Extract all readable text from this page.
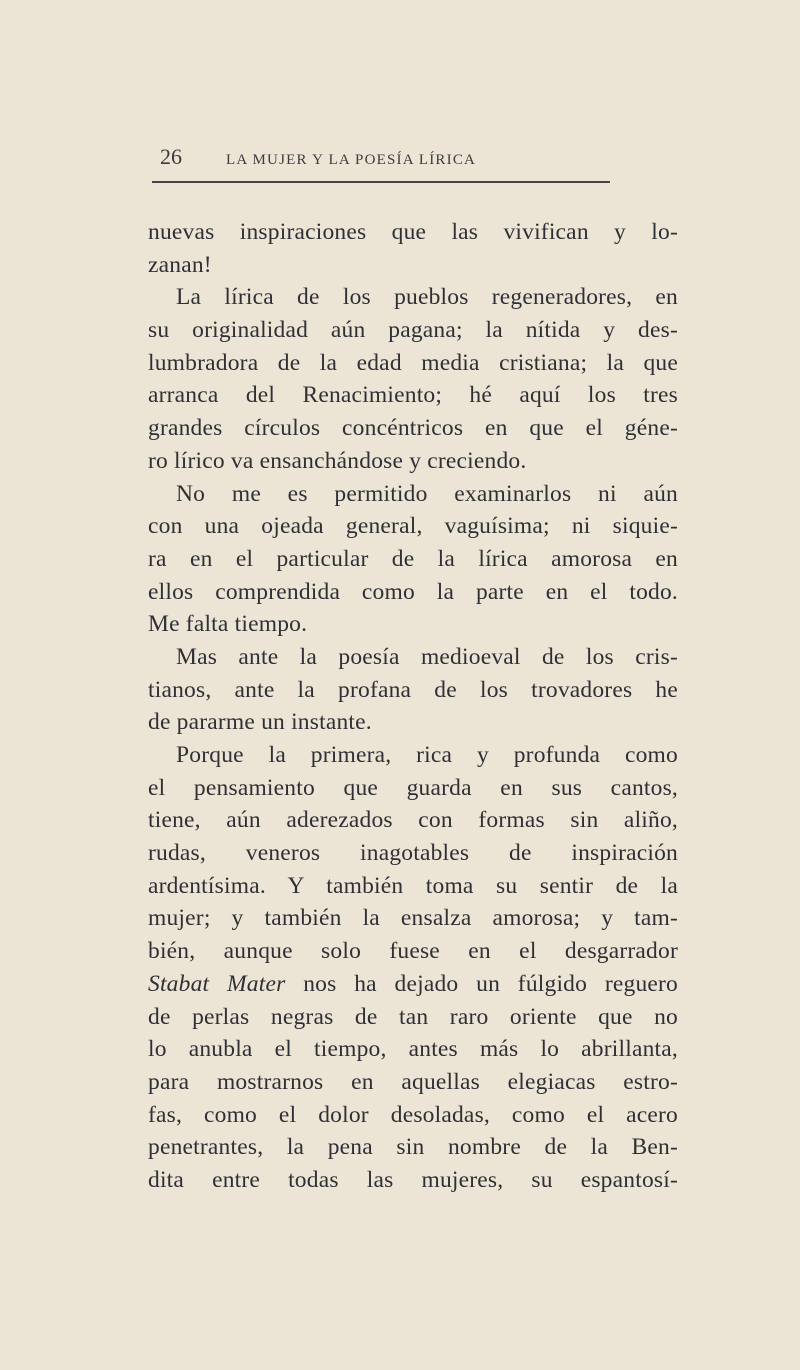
26	LA MUJER Y LA POESÍA LÍRICA
nuevas inspiraciones que las vivifican y lo-
zanan!
La lírica de los pueblos regeneradores, en
su originalidad aún pagana; la nítida y des-
lumbradora de la edad media cristiana; la que
arranca del Renacimiento; hé aquí los tres
grandes círculos concéntricos en que el géne-
ro lírico va ensanchándose y creciendo.
No me es permitido examinarlos ni aún
con una ojeada general, vaguísima; ni siquie-
ra en el particular de la lírica amorosa en
ellos comprendida como la parte en el todo.
Me falta tiempo.
Mas ante la poesía medioeval de los cris-
tianos, ante la profana de los trovadores he
de pararme un instante.
Porque la primera, rica y profunda como
el pensamiento que guarda en sus cantos,
tiene, aún aderezados con formas sin aliño,
rudas, veneros inagotables de inspiración
ardentísima. Y también toma su sentir de la
mujer; y también la ensalza amorosa; y tam-
bién, aunque solo fuese en el desgarrador
Stabat Mater nos ha dejado un fúlgido reguero
de perlas negras de tan raro oriente que no
lo anubla el tiempo, antes más lo abrillanta,
para mostrarnos en aquellas elegiacas estro-
fas, como el dolor desoladas, como el acero
penetrantes, la pena sin nombre de la Ben-
dita entre todas las mujeres, su espantosí-
